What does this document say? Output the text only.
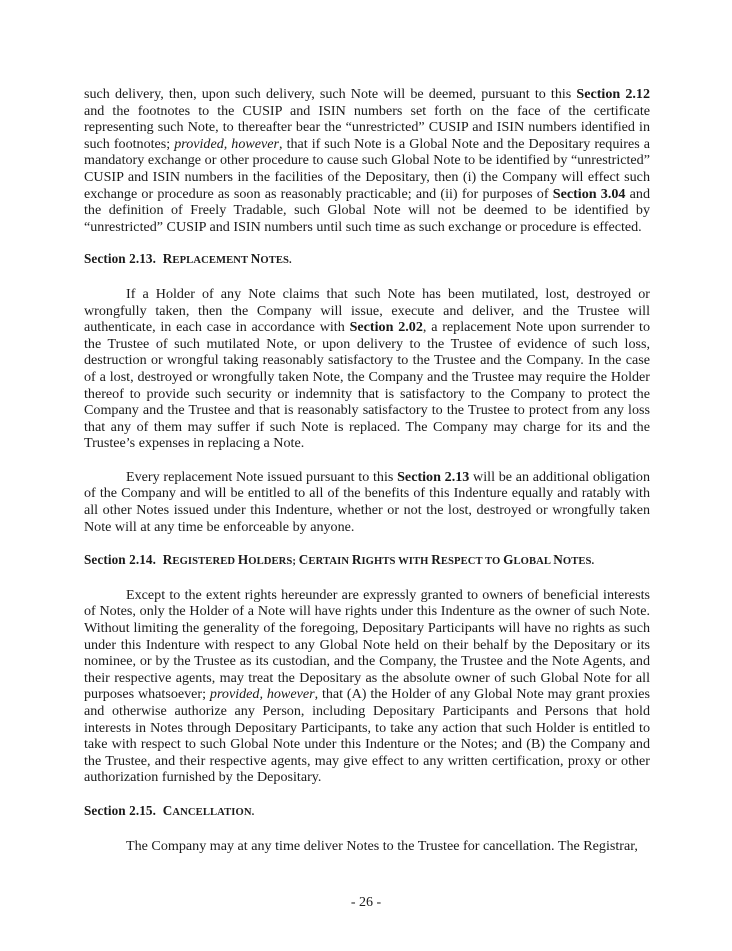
such delivery, then, upon such delivery, such Note will be deemed, pursuant to this Section 2.12 and the footnotes to the CUSIP and ISIN numbers set forth on the face of the certificate representing such Note, to thereafter bear the “unrestricted” CUSIP and ISIN numbers identified in such footnotes; provided, however, that if such Note is a Global Note and the Depositary requires a mandatory exchange or other procedure to cause such Global Note to be identified by “unrestricted” CUSIP and ISIN numbers in the facilities of the Depositary, then (i) the Company will effect such exchange or procedure as soon as reasonably practicable; and (ii) for purposes of Section 3.04 and the definition of Freely Tradable, such Global Note will not be deemed to be identified by “unrestricted” CUSIP and ISIN numbers until such time as such exchange or procedure is effected.

Section 2.13. REPLACEMENT NOTES.

If a Holder of any Note claims that such Note has been mutilated, lost, destroyed or wrongfully taken, then the Company will issue, execute and deliver, and the Trustee will authenticate, in each case in accordance with Section 2.02, a replacement Note upon surrender to the Trustee of such mutilated Note, or upon delivery to the Trustee of evidence of such loss, destruction or wrongful taking reasonably satisfactory to the Trustee and the Company. In the case of a lost, destroyed or wrongfully taken Note, the Company and the Trustee may require the Holder thereof to provide such security or indemnity that is satisfactory to the Company to protect the Company and the Trustee and that is reasonably satisfactory to the Trustee to protect from any loss that any of them may suffer if such Note is replaced. The Company may charge for its and the Trustee’s expenses in replacing a Note.

Every replacement Note issued pursuant to this Section 2.13 will be an additional obligation of the Company and will be entitled to all of the benefits of this Indenture equally and ratably with all other Notes issued under this Indenture, whether or not the lost, destroyed or wrongfully taken Note will at any time be enforceable by anyone.

Section 2.14. REGISTERED HOLDERS; CERTAIN RIGHTS WITH RESPECT TO GLOBAL NOTES.

Except to the extent rights hereunder are expressly granted to owners of beneficial interests of Notes, only the Holder of a Note will have rights under this Indenture as the owner of such Note. Without limiting the generality of the foregoing, Depositary Participants will have no rights as such under this Indenture with respect to any Global Note held on their behalf by the Depositary or its nominee, or by the Trustee as its custodian, and the Company, the Trustee and the Note Agents, and their respective agents, may treat the Depositary as the absolute owner of such Global Note for all purposes whatsoever; provided, however, that (A) the Holder of any Global Note may grant proxies and otherwise authorize any Person, including Depositary Participants and Persons that hold interests in Notes through Depositary Participants, to take any action that such Holder is entitled to take with respect to such Global Note under this Indenture or the Notes; and (B) the Company and the Trustee, and their respective agents, may give effect to any written certification, proxy or other authorization furnished by the Depositary.

Section 2.15. CANCELLATION.

The Company may at any time deliver Notes to the Trustee for cancellation. The Registrar,

- 26 -
